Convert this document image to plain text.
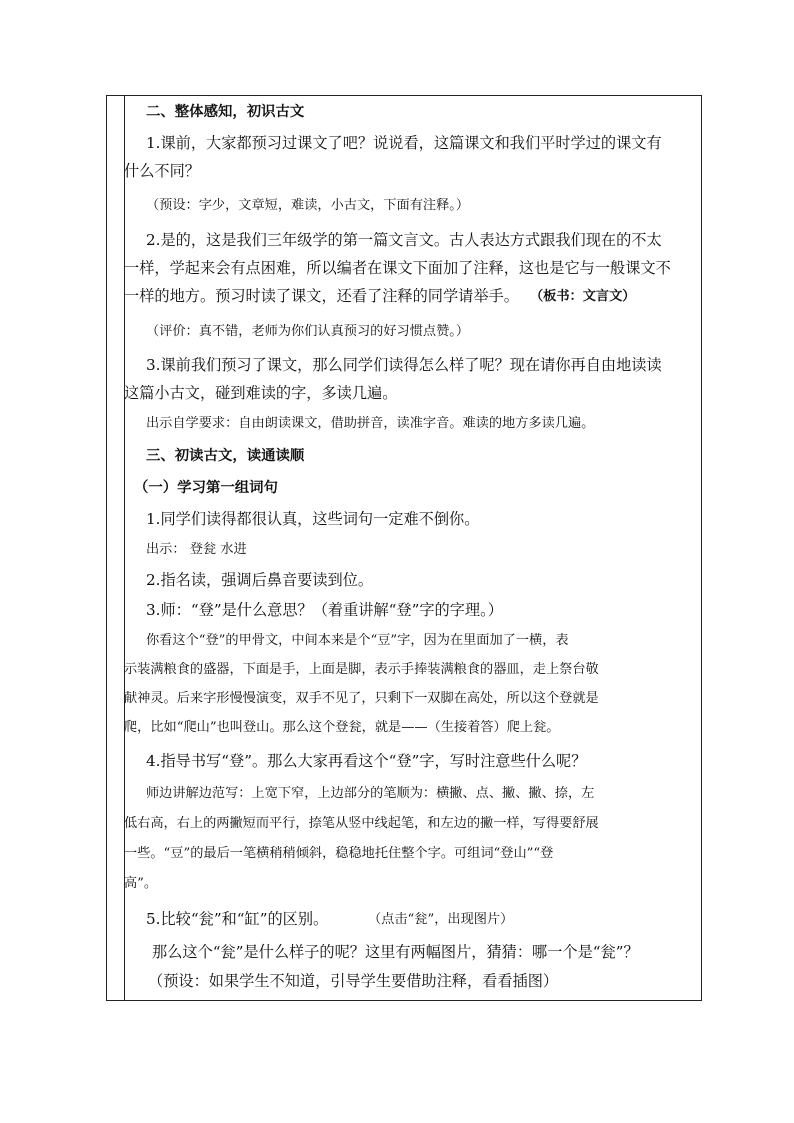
二、整体感知，初识古文
1.课前，大家都预习过课文了吧？说说看，这篇课文和我们平时学过的课文有
什么不同？
（预设：字少，文章短，难读，小古文，下面有注释。）
2.是的，这是我们三年级学的第一篇文言文。古人表达方式跟我们现在的不太
一样，学起来会有点困难，所以编者在课文下面加了注释，这也是它与一般课文不
一样的地方。预习时读了课文，还看了注释的同学请举手。 （板书：文言文）
（评价：真不错，老师为你们认真预习的好习惯点赞。）
3.课前我们预习了课文，那么同学们读得怎么样了呢？现在请你再自由地读读
这篇小古文，碰到难读的字，多读几遍。
出示自学要求：自由朗读课文，借助拼音，读准字音。难读的地方多读几遍。
三、初读古文，读通读顺
（一）学习第一组词句
1.同学们读得都很认真，这些词句一定难不倒你。
出示： 登瓮 水进
2.指名读，强调后鼻音要读到位。
3.师：“登”是什么意思？（着重讲解“登”字的字理。）
你看这个“登”的甲骨文，中间本来是个“豆”字，因为在里面加了一横，表
示装满粮食的盛器，下面是手，上面是脚，表示手捧装满粮食的器皿，走上祭台敬
献神灵。后来字形慢慢演变，双手不见了，只剩下一双脚在高处，所以这个登就是
爬，比如“爬山”也叫登山。那么这个登瓮，就是——（生接着答）爬上瓮。
4.指导书写“登”。那么大家再看这个“登”字，写时注意些什么呢？
师边讲解边范写：上宽下窄，上边部分的笔顺为：横撇、点、撇、撇、捺，左
低右高，右上的两撇短而平行，捺笔从竖中线起笔，和左边的撇一样，写得要舒展
一些。“豆”的最后一笔横稍稍倾斜，稳稳地托住整个字。可组词“登山”“登
高”。
5.比较“瓮”和“缸”的区别。	（点击“瓮”，出现图片）
那么这个“瓮”是什么样子的呢？这里有两幅图片，猜猜：哪一个是“瓮”？
（预设：如果学生不知道，引导学生要借助注释，看看插图）
